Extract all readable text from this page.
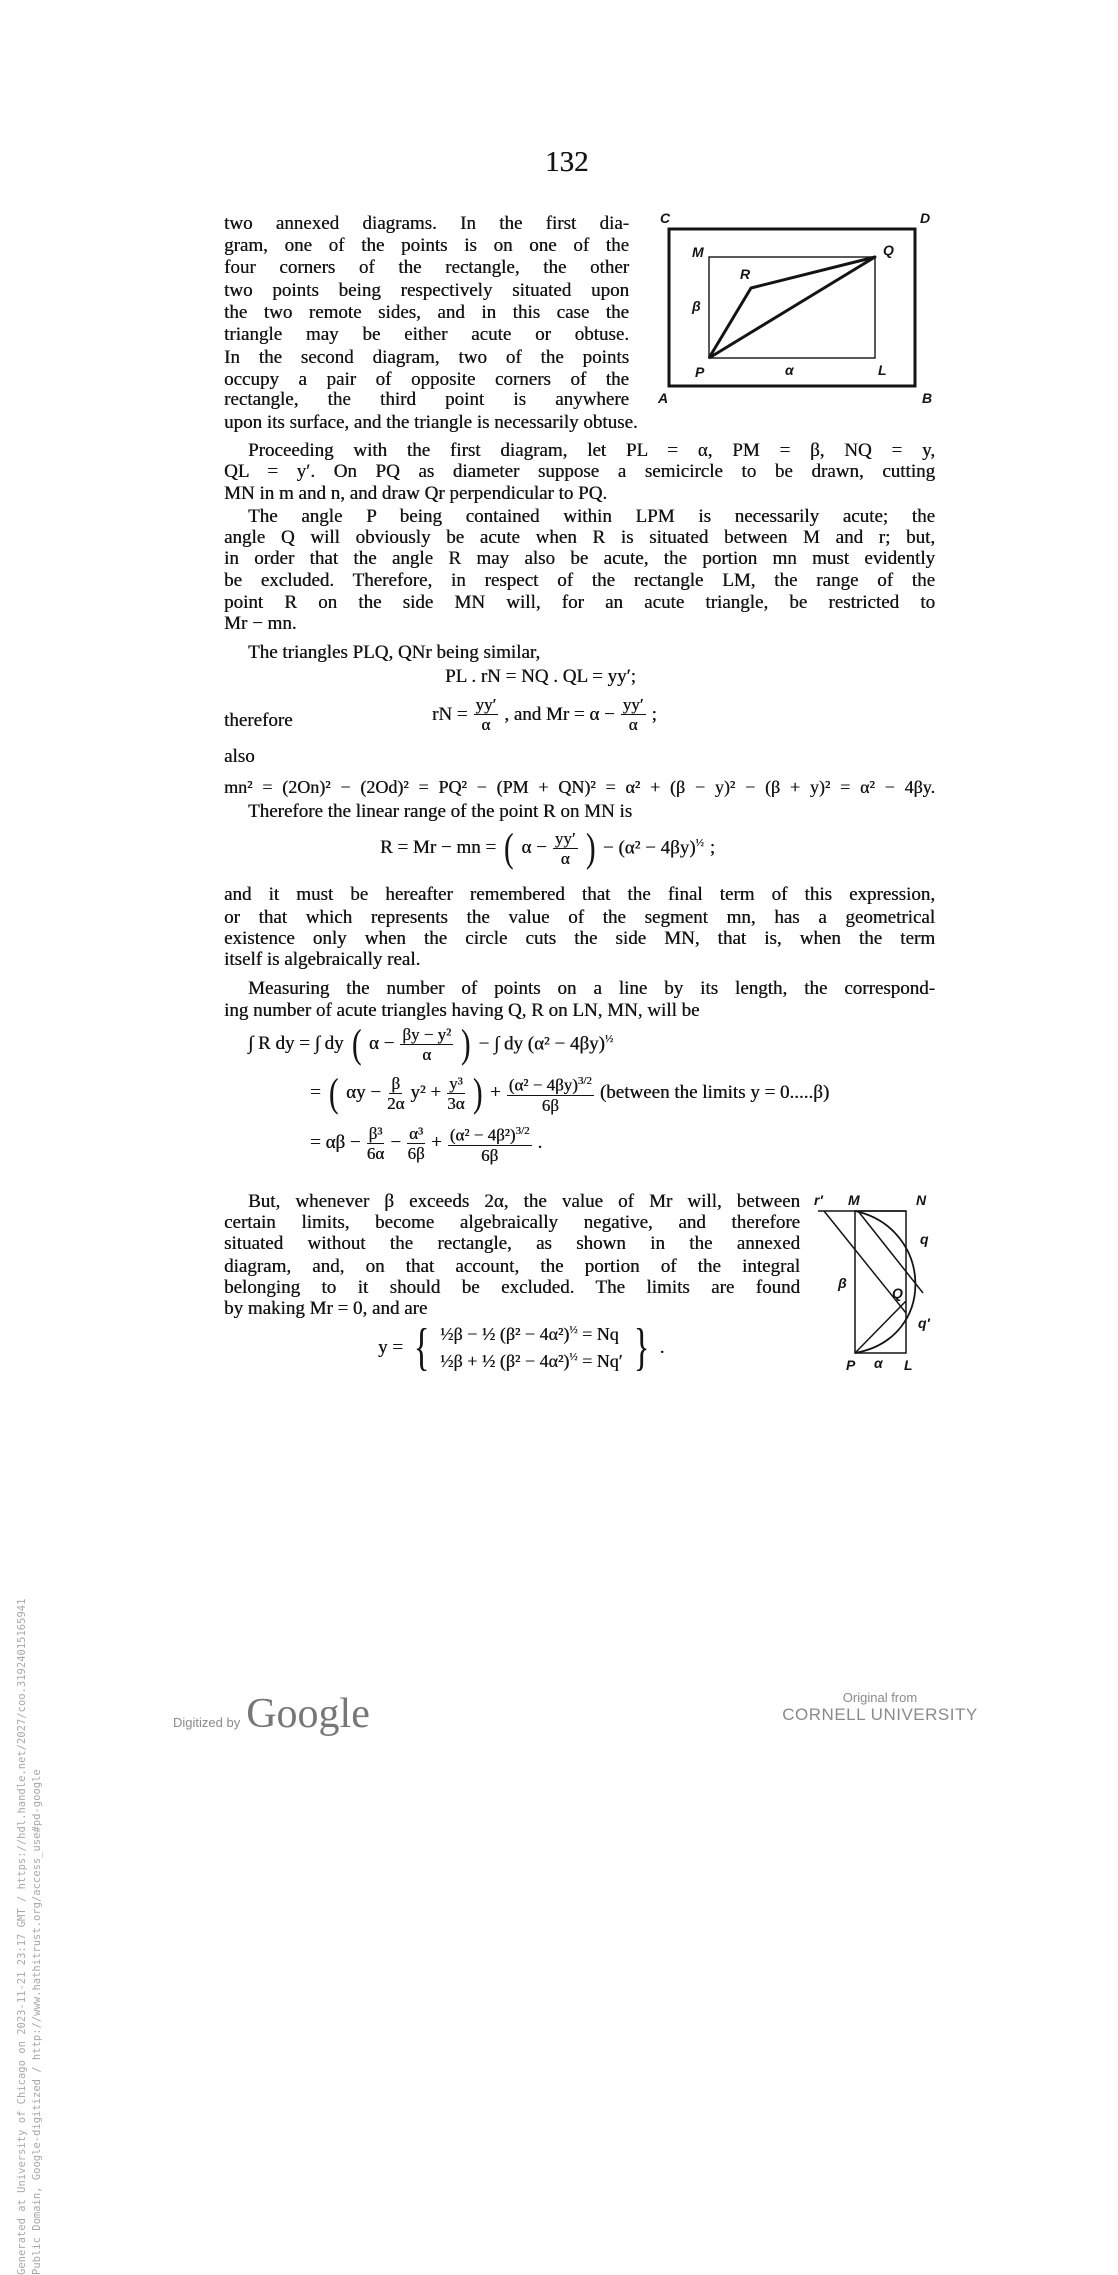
132
two annexed diagrams. In the first dia-
gram, one of the points is on one of the
four corners of the rectangle, the other
two points being respectively situated upon
the two remote sides, and in this case the
triangle may be either acute or obtuse.
In the second diagram, two of the points
occupy a pair of opposite corners of the
rectangle, the third point is anywhere
upon its surface, and the triangle is necessarily obtuse.
C	D
M	Q
R
β
P	α	L
A	B
Proceeding with the first diagram, let PL = α, PM = β, NQ = y,
QL = y′. On PQ as diameter suppose a semicircle to be drawn, cutting
MN in m and n, and draw Qr perpendicular to PQ.
The angle P being contained within LPM is necessarily acute; the
angle Q will obviously be acute when R is situated between M and r; but,
in order that the angle R may also be acute, the portion mn must evidently
be excluded. Therefore, in respect of the rectangle LM, the range of the
point R on the side MN will, for an acute triangle, be restricted to
Mr − mn.
The triangles PLQ, QNr being similar,
PL . rN = NQ . QL = yy′;
therefore	rN = $\frac{yy'}{\alpha}$ , and $Mr = \alpha - \frac{yy'}{\alpha}$ ;
also
mn² = (2On)² − (2Od)² = PQ² − (PM + QN)² = α² + (β − y)² − (β + y)² = α² − 4βy.
Therefore the linear range of the point R on MN is
R = Mr − mn = ( $\alpha - \frac{yy'}{\alpha}$ ) − $(\alpha^2 - 4\beta y)^{\frac{1}{2}}$ ;
and it must be hereafter remembered that the final term of this expression,
or that which represents the value of the segment mn, has a geometrical
existence only when the circle cuts the side MN, that is, when the term
itself is algebraically real.
Measuring the number of points on a line by its length, the correspond-
ing number of acute triangles having Q, R on LN, MN, will be
∫ R dy = ∫ dy ( $\alpha - \frac{\text{βy − y²}}{\alpha}$ ) − ∫ dy $(\alpha^2 - 4\beta y)^{\frac{1}{2}}$
= ( $\alpha y - \frac{\beta}{2\alpha} y^2 + \frac{\text{y³}}{3\alpha}$ ) + $\frac{(\alpha^2 - 4\beta y)^{3/2}}{6\beta}$ (between the limits y = 0.....β)
= $\alpha\beta - \frac{\text{β³}}{6\alpha} - \frac{\text{α³}}{6\beta} + \frac{(\alpha^2 - 4\beta^2)^{3/2}}{6\beta}$ .
But, whenever β exceeds 2α, the value of Mr will, between
certain limits, become algebraically negative, and therefore
situated without the rectangle, as shown in the annexed
diagram, and, on that account, the portion of the integral
belonging to it should be excluded. The limits are found
by making Mr = 0, and are
y = { ½β − ½ $(\beta^2 - 4\alpha^2)^{\frac{1}{2}} = Nq$
½β + ½ $(\beta^2 - 4\alpha^2)^{\frac{1}{2}} = Nq'$ } .
r′ M	N
q
β
Q
q′
P α L
Generated at University of Chicago on 2023-11-21 23:17 GMT / https://hdl.handle.net/2027/coo.31924015165941 Public Domain, Google-digitized / http://www.hathitrust.org/access_use#pd-google
Digitized by Google	Original from
CORNELL UNIVERSITY
